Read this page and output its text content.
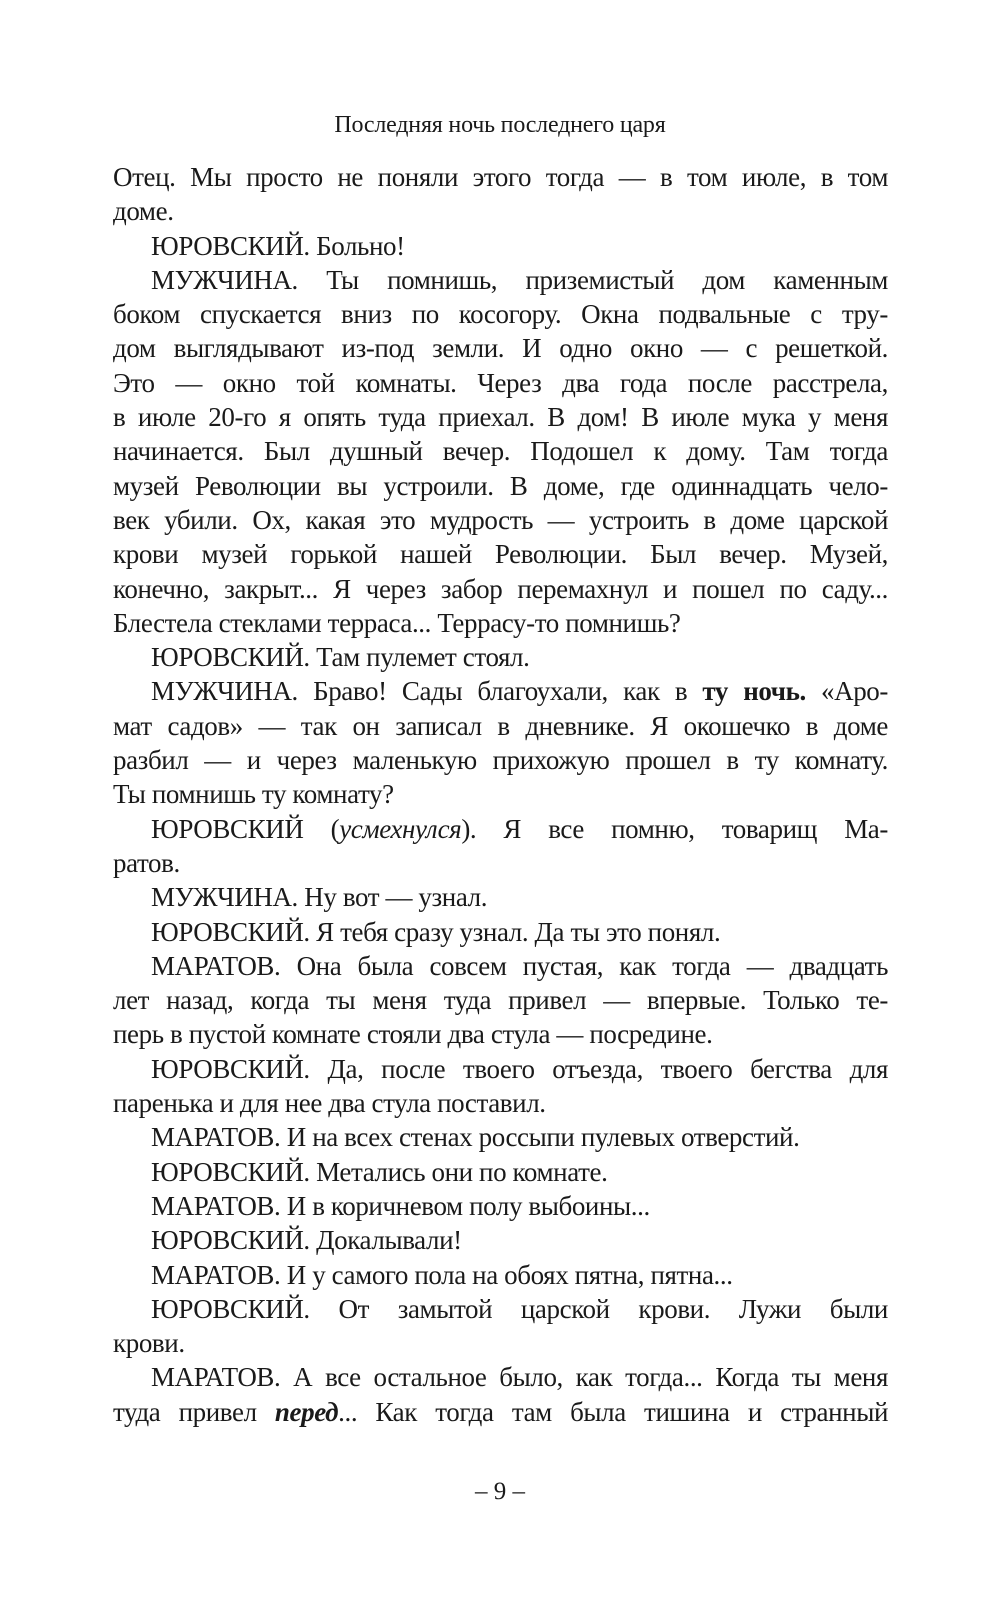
Последняя ночь последнего царя
Отец. Мы просто не поняли этого тогда — в том июле, в том
доме.
ЮРОВСКИЙ. Больно!
МУЖЧИНА. Ты помнишь, приземистый дом каменным
боком спускается вниз по косогору. Окна подвальные с тру-
дом выглядывают из-под земли. И одно окно — с решеткой.
Это — окно той комнаты. Через два года после расстрела,
в июле 20-го я опять туда приехал. В дом! В июле мука у меня
начинается. Был душный вечер. Подошел к дому. Там тогда
музей Революции вы устроили. В доме, где одиннадцать чело-
век убили. Ох, какая это мудрость — устроить в доме царской
крови музей горькой нашей Революции. Был вечер. Музей,
конечно, закрыт... Я через забор перемахнул и пошел по саду...
Блестела стеклами терраса... Террасу-то помнишь?
ЮРОВСКИЙ. Там пулемет стоял.
МУЖЧИНА. Браво! Сады благоухали, как в ту ночь. «Аро-
мат садов» — так он записал в дневнике. Я окошечко в доме
разбил — и через маленькую прихожую прошел в ту комнату.
Ты помнишь ту комнату?
ЮРОВСКИЙ (усмехнулся). Я все помню, товарищ Ма-
ратов.
МУЖЧИНА. Ну вот — узнал.
ЮРОВСКИЙ. Я тебя сразу узнал. Да ты это понял.
МАРАТОВ. Она была совсем пустая, как тогда — двадцать
лет назад, когда ты меня туда привел — впервые. Только те-
перь в пустой комнате стояли два стула — посредине.
ЮРОВСКИЙ. Да, после твоего отъезда, твоего бегства для
паренька и для нее два стула поставил.
МАРАТОВ. И на всех стенах россыпи пулевых отверстий.
ЮРОВСКИЙ. Метались они по комнате.
МАРАТОВ. И в коричневом полу выбоины...
ЮРОВСКИЙ. Докалывали!
МАРАТОВ. И у самого пола на обоях пятна, пятна...
ЮРОВСКИЙ. От замытой царской крови. Лужи были
крови.
МАРАТОВ. А все остальное было, как тогда... Когда ты меня
туда привел перед... Как тогда там была тишина и странный
– 9 –
